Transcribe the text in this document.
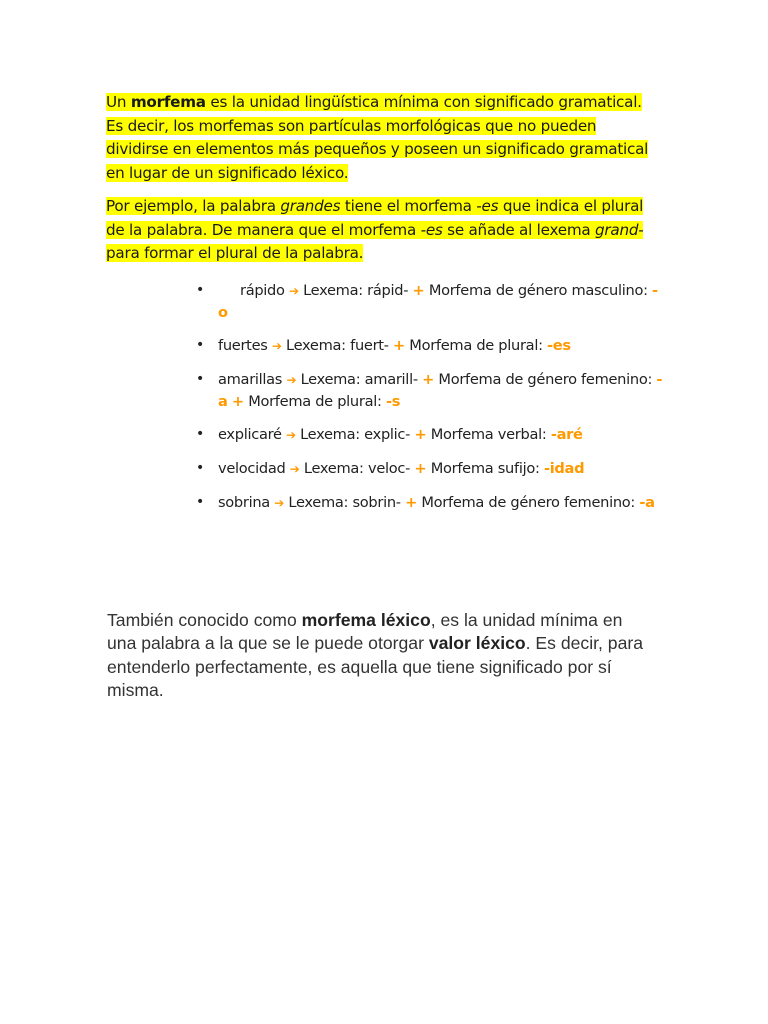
Un morfema es la unidad lingüística mínima con significado gramatical. Es decir, los morfemas son partículas morfológicas que no pueden dividirse en elementos más pequeños y poseen un significado gramatical en lugar de un significado léxico.

Por ejemplo, la palabra grandes tiene el morfema -es que indica el plural de la palabra. De manera que el morfema -es se añade al lexema grand- para formar el plural de la palabra.

• rápido ➔ Lexema: rápid- + Morfema de género masculino: -o
• fuertes ➔ Lexema: fuert- + Morfema de plural: -es
• amarillas ➔ Lexema: amarill- + Morfema de género femenino: -a + Morfema de plural: -s
• explicaré ➔ Lexema: explic- + Morfema verbal: -aré
• velocidad ➔ Lexema: veloc- + Morfema sufijo: -idad
• sobrina ➔ Lexema: sobrin- + Morfema de género femenino: -a

También conocido como morfema léxico, es la unidad mínima en una palabra a la que se le puede otorgar valor léxico. Es decir, para entenderlo perfectamente, es aquella que tiene significado por sí misma.
